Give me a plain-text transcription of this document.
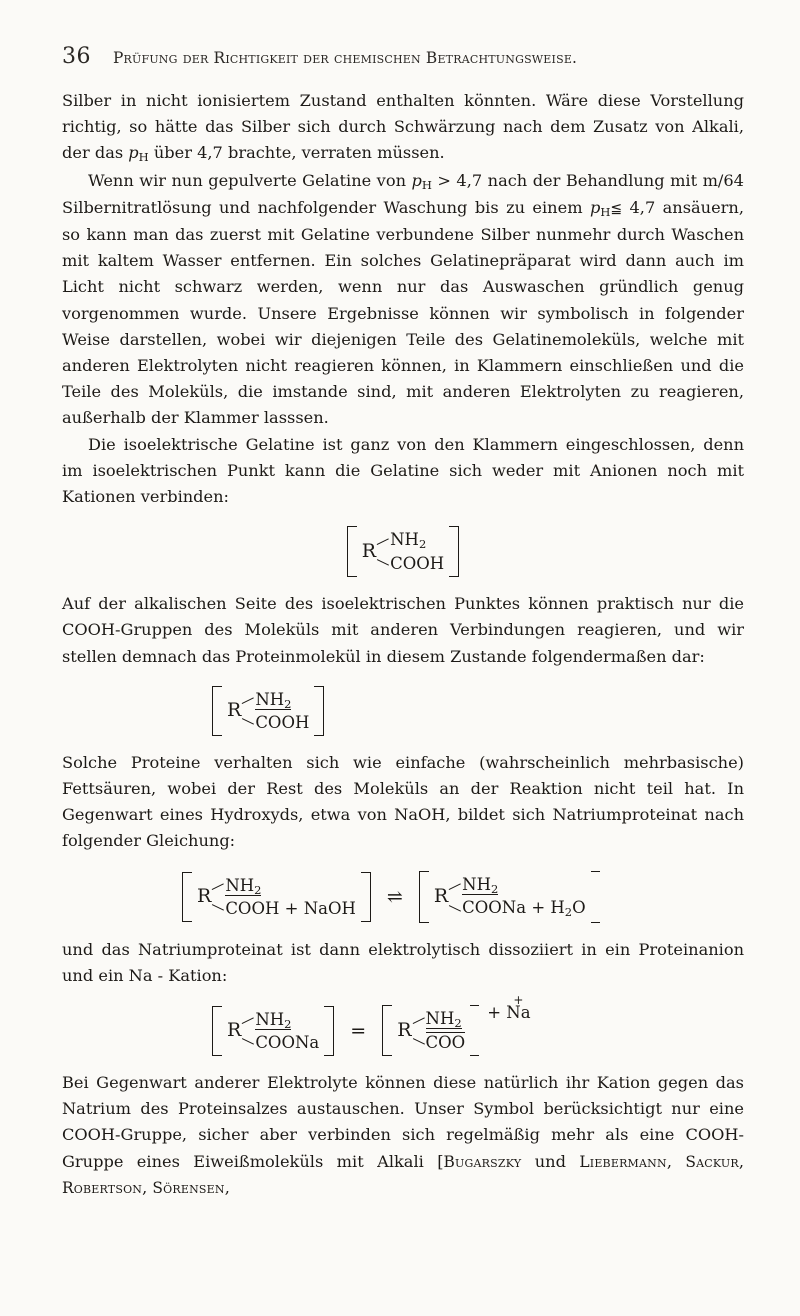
36 Prüfung der Richtigkeit der chemischen Betrachtungsweise.

Silber in nicht ionisiertem Zustand enthalten könnten. Wäre diese Vorstellung richtig, so hätte das Silber sich durch Schwärzung nach dem Zusatz von Alkali, der das pH über 4,7 brachte, verraten müssen.

Wenn wir nun gepulverte Gelatine von pH > 4,7 nach der Behandlung mit m/64 Silbernitratlösung und nachfolgender Waschung bis zu einem pH≦ 4,7 ansäuern, so kann man das zuerst mit Gelatine verbundene Silber nunmehr durch Waschen mit kaltem Wasser entfernen. Ein solches Gelatinepräparat wird dann auch im Licht nicht schwarz werden, wenn nur das Auswaschen gründlich genug vorgenommen wurde. Unsere Ergebnisse können wir symbolisch in folgender Weise darstellen, wobei wir diejenigen Teile des Gelatinemoleküls, welche mit anderen Elektrolyten nicht reagieren können, in Klammern einschließen und die Teile des Moleküls, die imstande sind, mit anderen Elektrolyten zu reagieren, außerhalb der Klammer lasssen.

Die isoelektrische Gelatine ist ganz von den Klammern eingeschlossen, denn im isoelektrischen Punkt kann die Gelatine sich weder mit Anionen noch mit Kationen verbinden:

R
$NH_2$
COOH

Auf der alkalischen Seite des isoelektrischen Punktes können praktisch nur die COOH-Gruppen des Moleküls mit anderen Verbindungen reagieren, und wir stellen demnach das Proteinmolekül in diesem Zustande folgendermaßen dar:

R $NH_2$
COOH

Solche Proteine verhalten sich wie einfache (wahrscheinlich mehrbasische) Fettsäuren, wobei der Rest des Moleküls an der Reaktion nicht teil hat. In Gegenwart eines Hydroxyds, etwa von NaOH, bildet sich Natriumproteinat nach folgender Gleichung:

R $NH_2$
COOH + NaOH
⇌	R
$NH_2$
COONa + $H_2O$

und das Natriumproteinat ist dann elektrolytisch dissoziiert in ein Proteinanion und ein Na - Kation:

R $NH_2$
COONa
=	R
$NH_2$
COO
+
+
Na

Bei Gegenwart anderer Elektrolyte können diese natürlich ihr Kation gegen das Natrium des Proteinsalzes austauschen. Unser Symbol berücksichtigt nur eine COOH-Gruppe, sicher aber verbinden sich regelmäßig mehr als eine COOH-Gruppe eines Eiweißmoleküls mit Alkali [Bugarszky und Liebermann, Sackur, Robertson, Sörensen,
